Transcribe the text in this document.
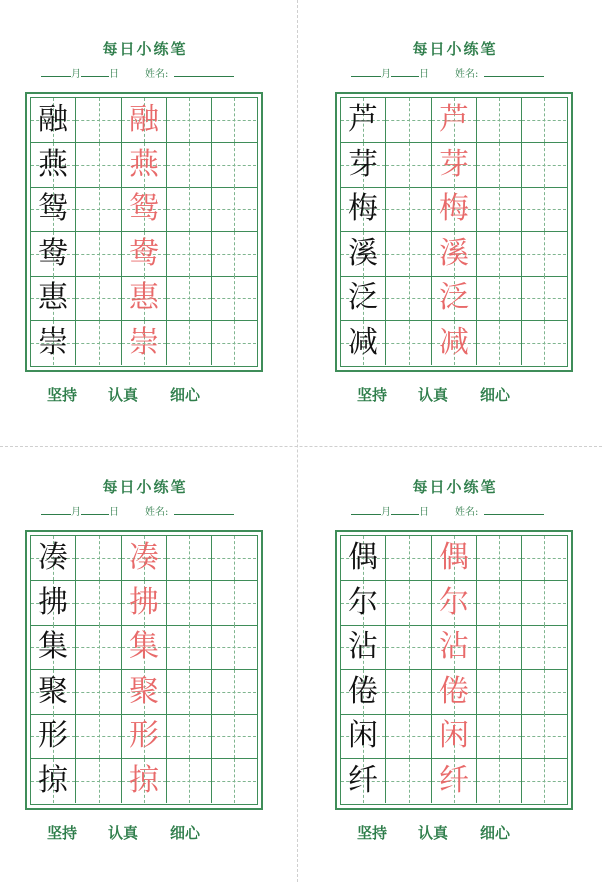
每日小练笔
月	日	姓名:
融 融
燕 燕
鸳 鸳
鸯 鸯
惠 惠
崇 崇
坚持 认真 细心
每日小练笔
月	日	姓名:
芦 芦
芽 芽
梅 梅
溪 溪
泛 泛
减 减
坚持 认真 细心
每日小练笔
月	日	姓名:
凑 凑
拂 拂
集 集
聚 聚
形 形
掠 掠
坚持 认真 细心
每日小练笔
月	日	姓名:
偶 偶
尔 尔
沾 沾
倦 倦
闲 闲
纤 纤
坚持 认真 细心
